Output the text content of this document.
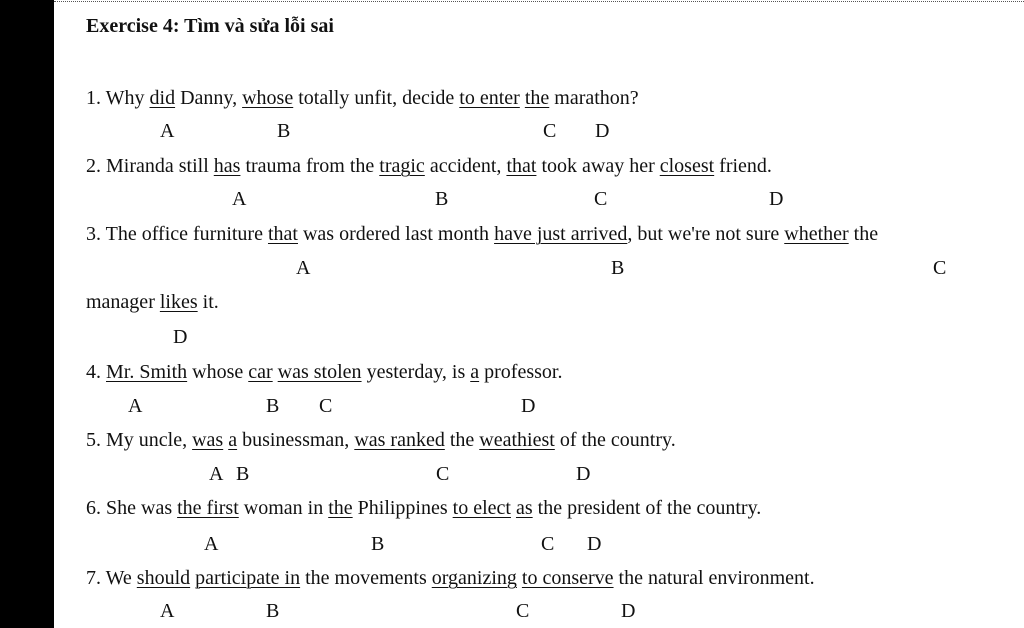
Exercise 4: Tìm và sửa lỗi sai
1. Why did Danny, whose totally unfit, decide to enter the marathon?
A	B	C D
2. Miranda still has trauma from the tragic accident, that took away her closest friend.
A	B	C	D
3. The office furniture that was ordered last month have just arrived, but we're not sure whether the
A	B	C
manager likes it.
D
4. Mr. Smith whose car was stolen yesterday, is a professor.
A	B C	D
5. My uncle, was a businessman, was ranked the weathiest of the country.
A B	C	D
6. She was the first woman in the Philippines to elect as the president of the country.
A	B	C D
7. We should participate in the movements organizing to conserve the natural environment.
A	B	C	D
